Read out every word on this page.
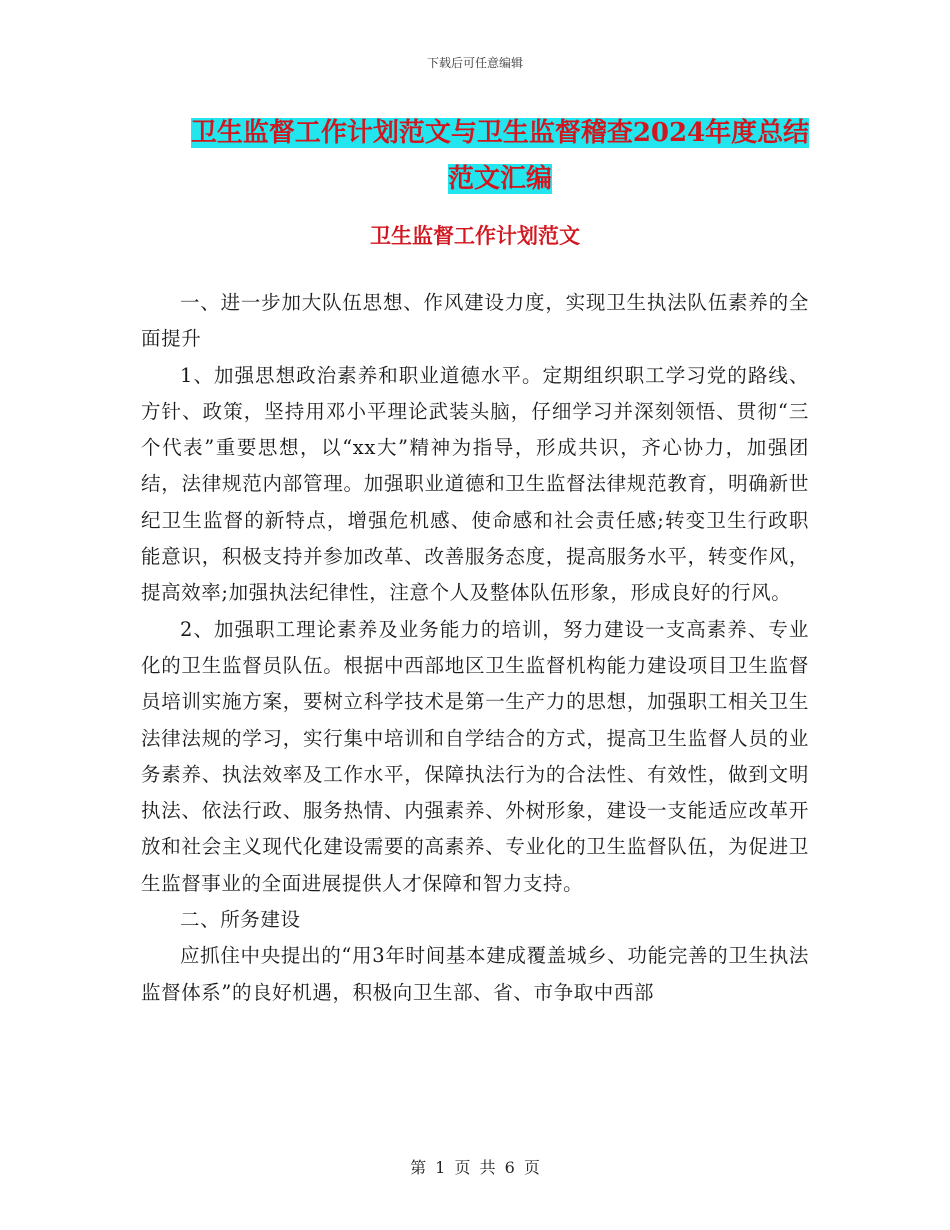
下载后可任意编辑
卫生监督工作计划范文与卫生监督稽查2024年度总结
范文汇编
卫生监督工作计划范文

一、进一步加大队伍思想、作风建设力度，实现卫生执法队伍素养的全面提升

1、加强思想政治素养和职业道德水平。定期组织职工学习党的路线、方针、政策，坚持用邓小平理论武装头脑，仔细学习并深刻领悟、贯彻“三个代表”重要思想，以“xx大”精神为指导，形成共识，齐心协力，加强团结，法律规范内部管理。加强职业道德和卫生监督法律规范教育，明确新世纪卫生监督的新特点，增强危机感、使命感和社会责任感;转变卫生行政职能意识，积极支持并参加改革、改善服务态度，提高服务水平，转变作风，提高效率;加强执法纪律性，注意个人及整体队伍形象，形成良好的行风。

2、加强职工理论素养及业务能力的培训，努力建设一支高素养、专业化的卫生监督员队伍。根据中西部地区卫生监督机构能力建设项目卫生监督员培训实施方案，要树立科学技术是第一生产力的思想，加强职工相关卫生法律法规的学习，实行集中培训和自学结合的方式，提高卫生监督人员的业务素养、执法效率及工作水平，保障执法行为的合法性、有效性，做到文明执法、依法行政、服务热情、内强素养、外树形象，建设一支能适应改革开放和社会主义现代化建设需要的高素养、专业化的卫生监督队伍，为促进卫生监督事业的全面进展提供人才保障和智力支持。

二、所务建设

应抓住中央提出的“用3年时间基本建成覆盖城乡、功能完善的卫生执法监督体系”的良好机遇，积极向卫生部、省、市争取中西部

第 1 页 共 6 页
